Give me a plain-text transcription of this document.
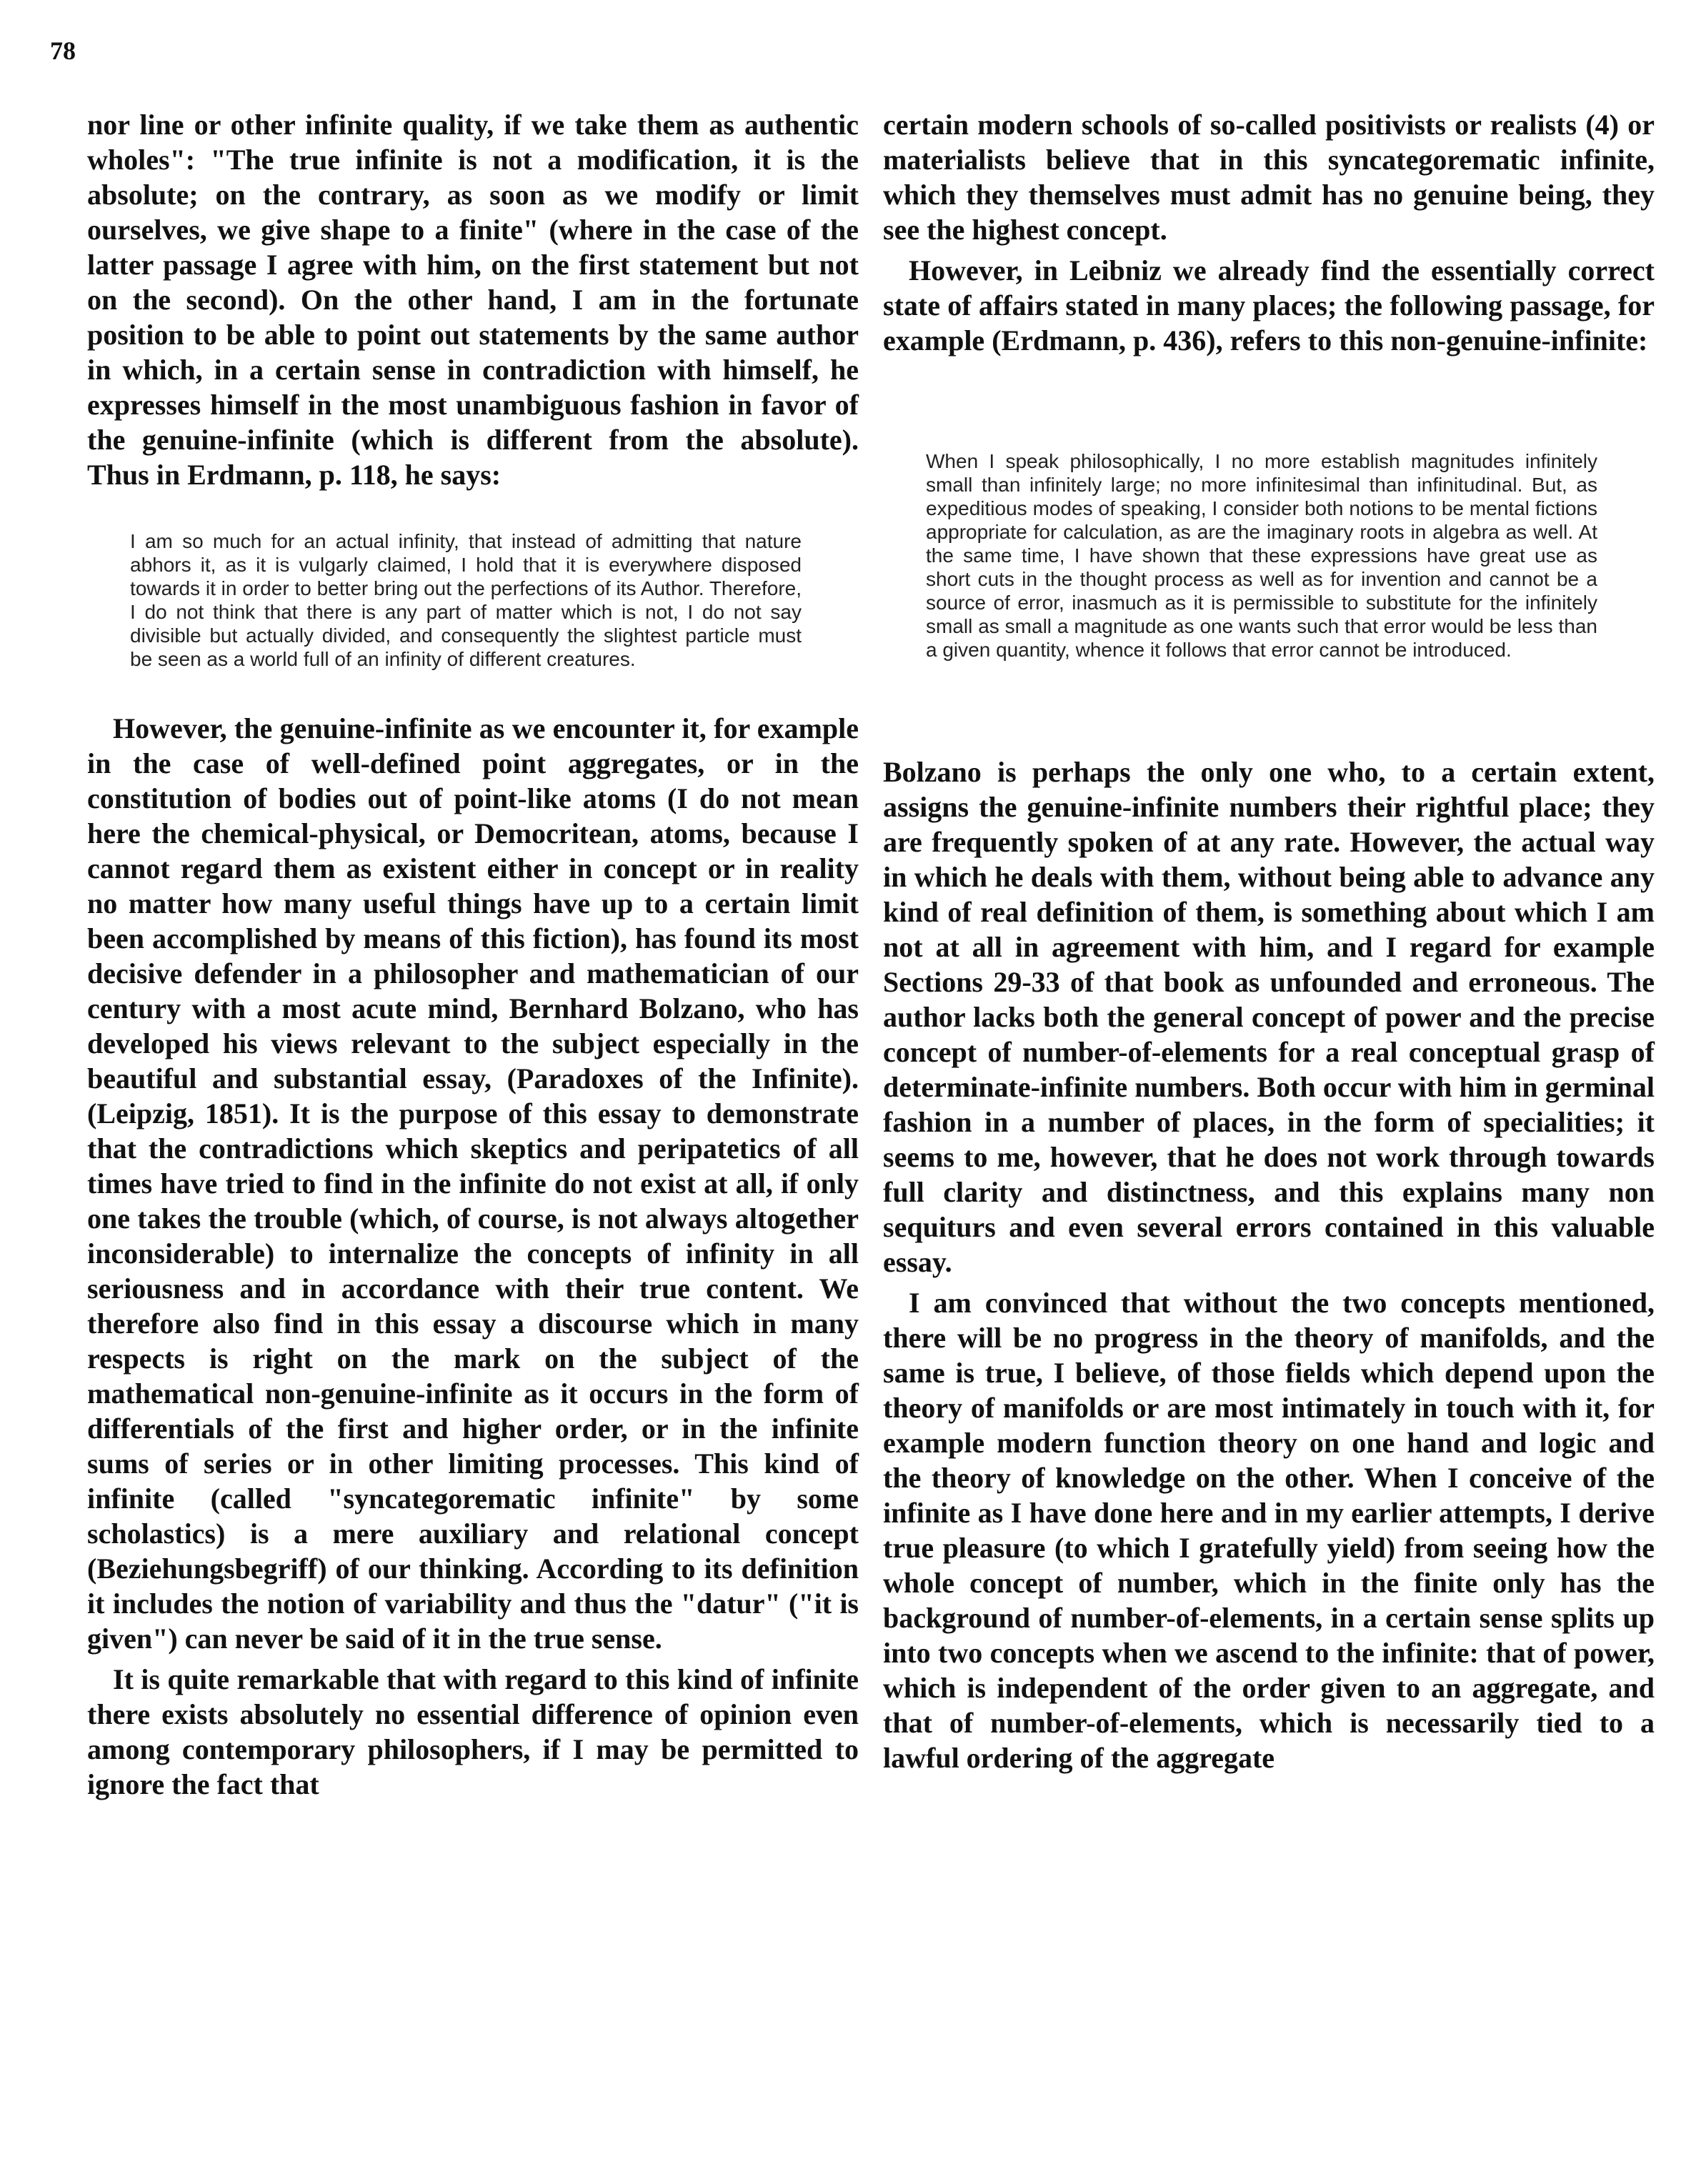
78

nor line or other infinite quality, if we take them as authentic wholes": "The true infinite is not a modification, it is the absolute; on the contrary, as soon as we modify or limit ourselves, we give shape to a finite" (where in the case of the latter passage I agree with him, on the first statement but not on the second). On the other hand, I am in the fortunate position to be able to point out statements by the same author in which, in a certain sense in contradiction with himself, he expresses himself in the most unambiguous fashion in favor of the genuine-infinite (which is different from the absolute). Thus in Erdmann, p. 118, he says:

I am so much for an actual infinity, that instead of admitting that nature abhors it, as it is vulgarly claimed, I hold that it is everywhere disposed towards it in order to better bring out the perfections of its Author. Therefore, I do not think that there is any part of matter which is not, I do not say divisible but actually divided, and consequently the slightest particle must be seen as a world full of an infinity of different creatures.

However, the genuine-infinite as we encounter it, for example in the case of well-defined point aggregates, or in the constitution of bodies out of point-like atoms (I do not mean here the chemical-physical, or Democritean, atoms, because I cannot regard them as existent either in concept or in reality no matter how many useful things have up to a certain limit been accomplished by means of this fiction), has found its most decisive defender in a philosopher and mathematician of our century with a most acute mind, Bernhard Bolzano, who has developed his views relevant to the subject especially in the beautiful and substantial essay, (Paradoxes of the Infinite). (Leipzig, 1851). It is the purpose of this essay to demonstrate that the contradictions which skeptics and peripatetics of all times have tried to find in the infinite do not exist at all, if only one takes the trouble (which, of course, is not always altogether inconsiderable) to internalize the concepts of infinity in all seriousness and in accordance with their true content. We therefore also find in this essay a discourse which in many respects is right on the mark on the subject of the mathematical non-genuine-infinite as it occurs in the form of differentials of the first and higher order, or in the infinite sums of series or in other limiting processes. This kind of infinite (called "syncategorematic infinite" by some scholastics) is a mere auxiliary and relational concept (Beziehungsbegriff) of our thinking. According to its definition it includes the notion of variability and thus the "datur" ("it is given") can never be said of it in the true sense.

It is quite remarkable that with regard to this kind of infinite there exists absolutely no essential difference of opinion even among contemporary philosophers, if I may be permitted to ignore the fact that

certain modern schools of so-called positivists or realists (4) or materialists believe that in this syncategorematic infinite, which they themselves must admit has no genuine being, they see the highest concept.

However, in Leibniz we already find the essentially correct state of affairs stated in many places; the following passage, for example (Erdmann, p. 436), refers to this non-genuine-infinite:

When I speak philosophically, I no more establish magnitudes infinitely small than infinitely large; no more infinitesimal than infinitudinal. But, as expeditious modes of speaking, I consider both notions to be mental fictions appropriate for calculation, as are the imaginary roots in algebra as well. At the same time, I have shown that these expressions have great use as short cuts in the thought process as well as for invention and cannot be a source of error, inasmuch as it is permissible to substitute for the infinitely small as small a magnitude as one wants such that error would be less than a given quantity, whence it follows that error cannot be introduced.

Bolzano is perhaps the only one who, to a certain extent, assigns the genuine-infinite numbers their rightful place; they are frequently spoken of at any rate. However, the actual way in which he deals with them, without being able to advance any kind of real definition of them, is something about which I am not at all in agreement with him, and I regard for example Sections 29-33 of that book as unfounded and erroneous. The author lacks both the general concept of power and the precise concept of number-of-elements for a real conceptual grasp of determinate-infinite numbers. Both occur with him in germinal fashion in a number of places, in the form of specialities; it seems to me, however, that he does not work through towards full clarity and distinctness, and this explains many non sequiturs and even several errors contained in this valuable essay.

I am convinced that without the two concepts mentioned, there will be no progress in the theory of manifolds, and the same is true, I believe, of those fields which depend upon the theory of manifolds or are most intimately in touch with it, for example modern function theory on one hand and logic and the theory of knowledge on the other. When I conceive of the infinite as I have done here and in my earlier attempts, I derive true pleasure (to which I gratefully yield) from seeing how the whole concept of number, which in the finite only has the background of number-of-elements, in a certain sense splits up into two concepts when we ascend to the infinite: that of power, which is independent of the order given to an aggregate, and that of number-of-elements, which is necessarily tied to a lawful ordering of the aggregate
